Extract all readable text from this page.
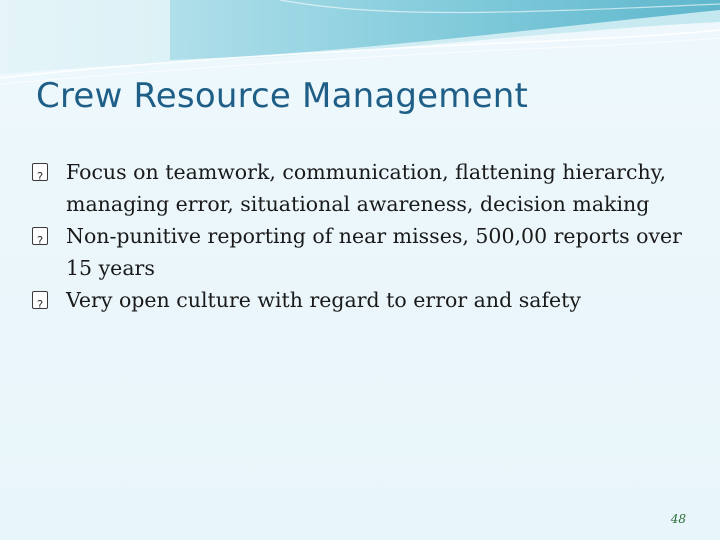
Crew Resource Management
?
Focus on teamwork, communication, flattening hierarchy, managing error, situational awareness, decision making
?
Non-punitive reporting of near misses, 500,00 reports over 15 years
?
Very open culture with regard to error and safety
48
